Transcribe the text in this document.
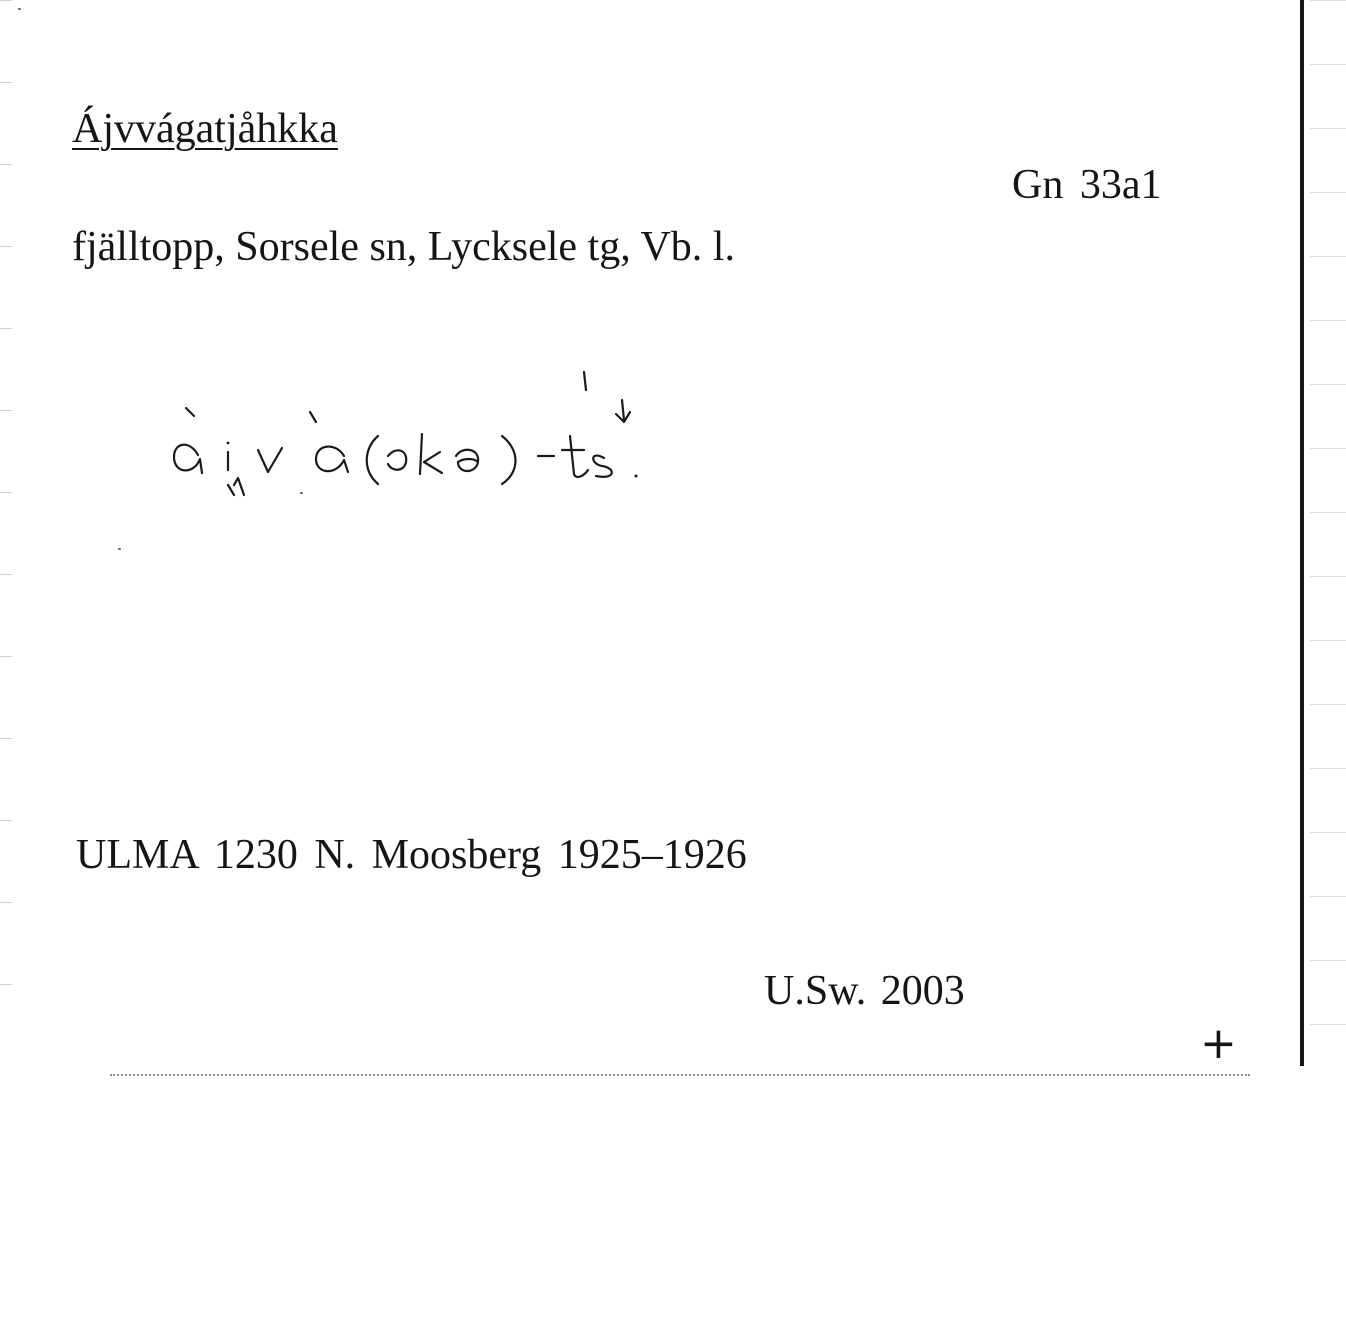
Ájvvágatjåhkka
Gn 33a1
fjälltopp, Sorsele sn, Lycksele tg, Vb. l.
ULMA 1230 N. Moosberg 1925–1926
U.Sw. 2003
+
